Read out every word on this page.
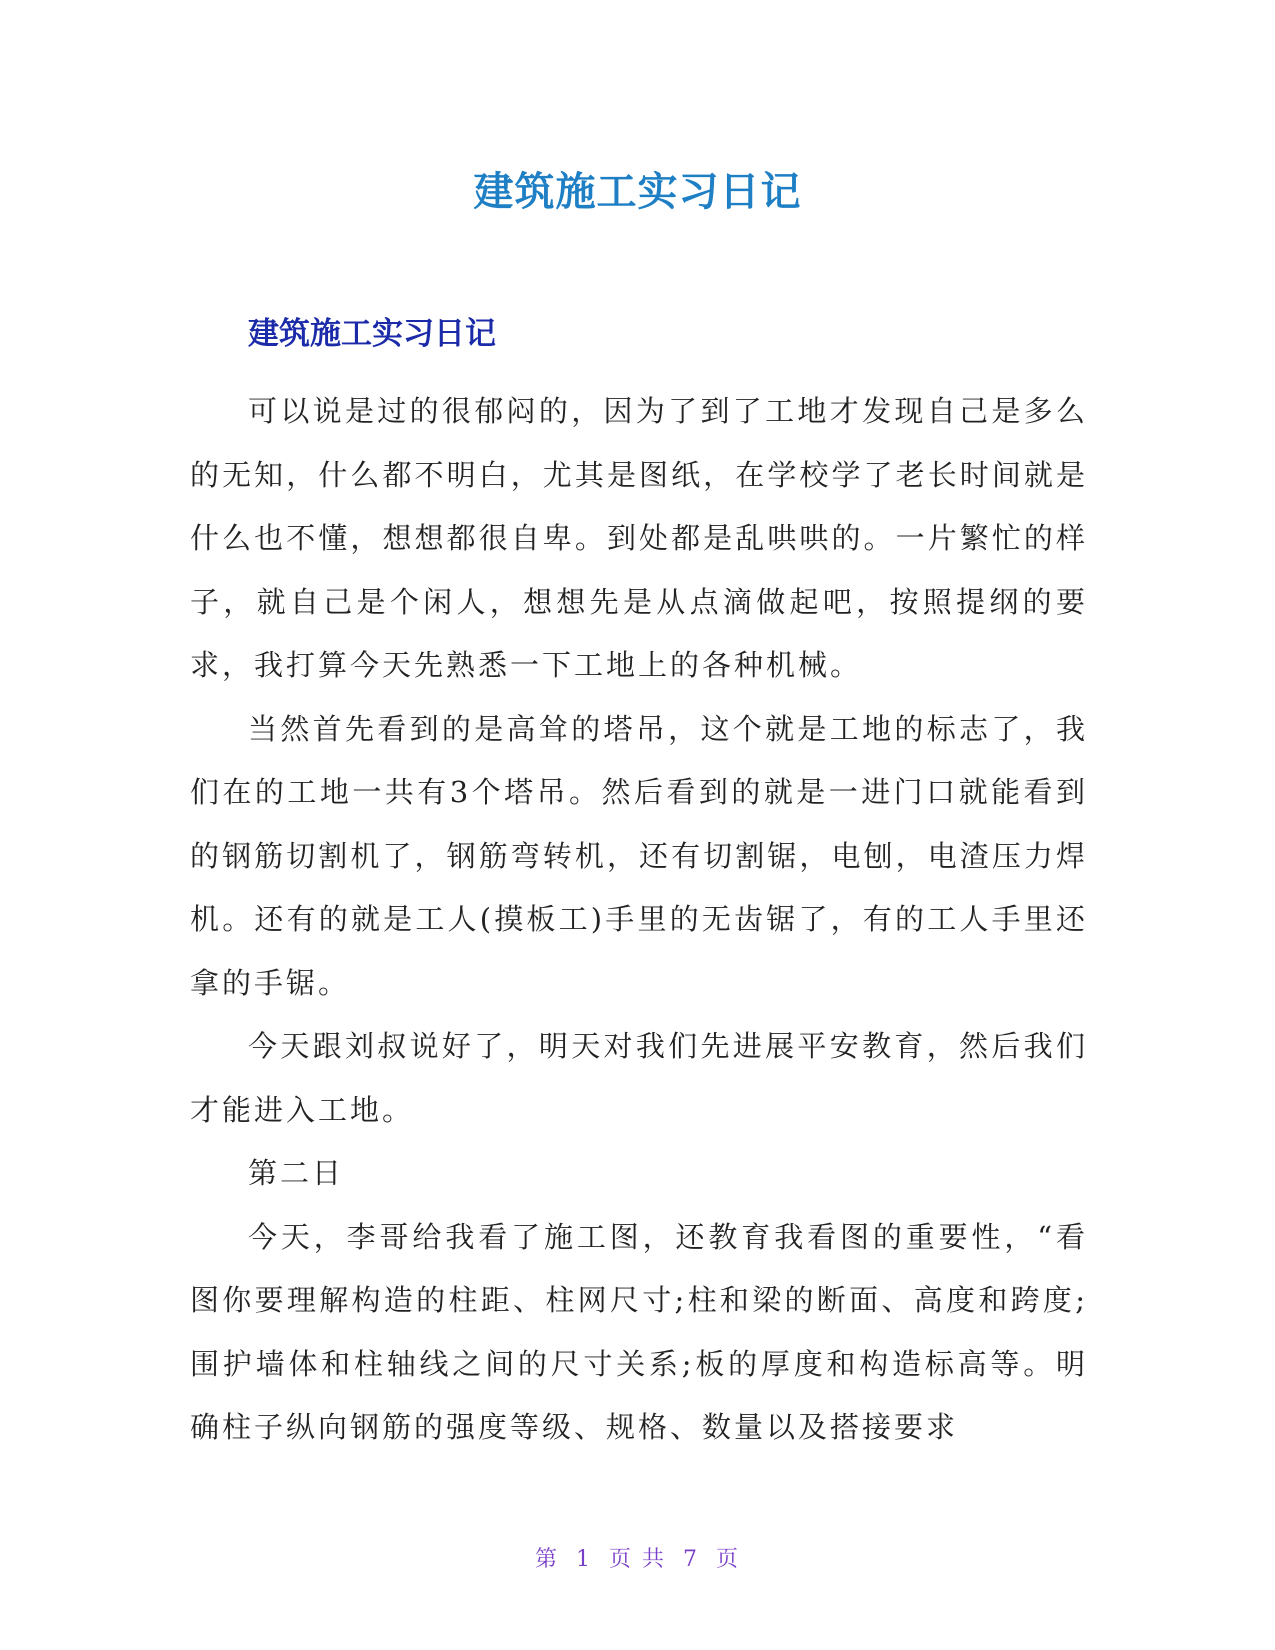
建筑施工实习日记
建筑施工实习日记

可以说是过的很郁闷的，因为了到了工地才发现自己是多么的无知，什么都不明白，尤其是图纸，在学校学了老长时间就是什么也不懂，想想都很自卑。到处都是乱哄哄的。一片繁忙的样子，就自己是个闲人，想想先是从点滴做起吧，按照提纲的要求，我打算今天先熟悉一下工地上的各种机械。

当然首先看到的是高耸的塔吊，这个就是工地的标志了，我们在的工地一共有3个塔吊。然后看到的就是一进门口就能看到的钢筋切割机了，钢筋弯转机，还有切割锯，电刨，电渣压力焊机。还有的就是工人(摸板工)手里的无齿锯了，有的工人手里还拿的手锯。

今天跟刘叔说好了，明天对我们先进展平安教育，然后我们才能进入工地。

第二日

今天，李哥给我看了施工图，还教育我看图的重要性，“看图你要理解构造的柱距、柱网尺寸;柱和梁的断面、高度和跨度;围护墙体和柱轴线之间的尺寸关系;板的厚度和构造标高等。明确柱子纵向钢筋的强度等级、规格、数量以及搭接要求

第 1 页 共 7 页
